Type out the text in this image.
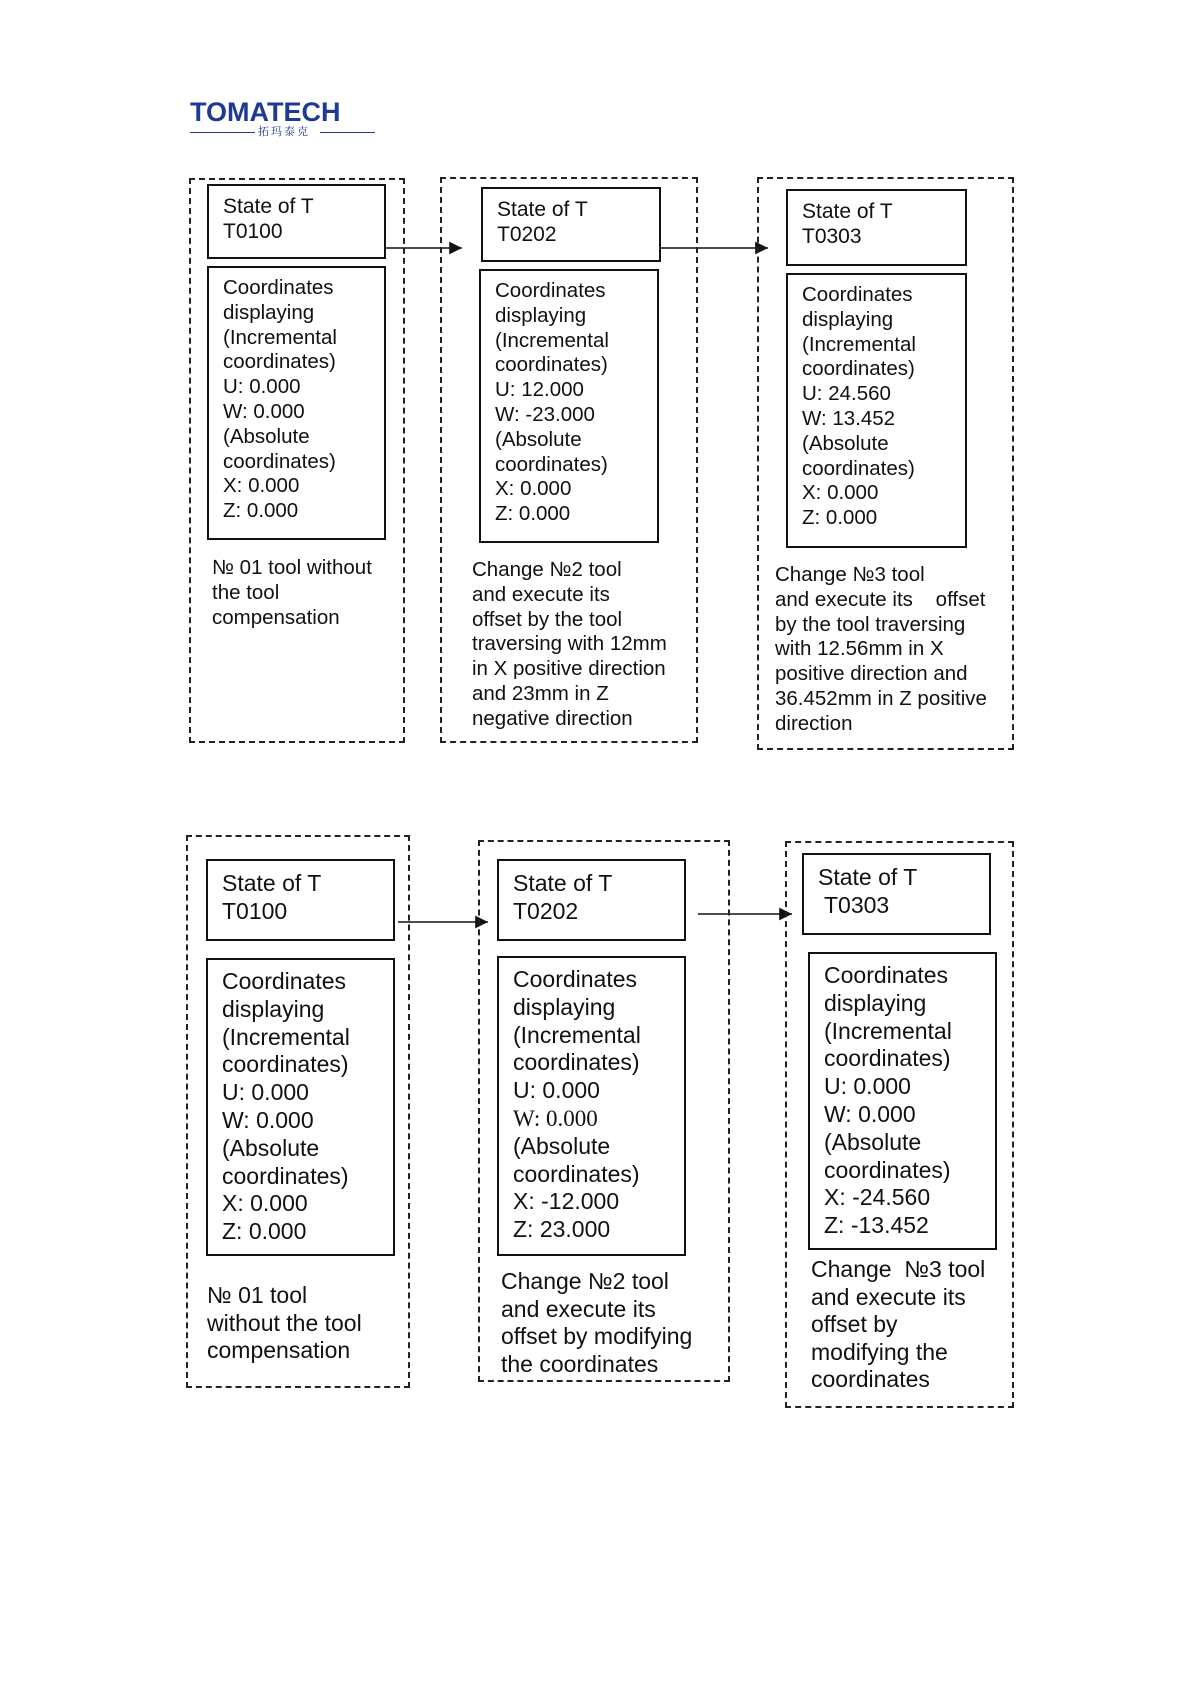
TOMATECH
拓玛泰克
State of T
T0100
Coordinates
displaying
(Incremental
coordinates)
U: 0.000
W: 0.000
(Absolute
coordinates)
X: 0.000
Z: 0.000
№ 01 tool without
the tool
compensation
State of T
T0202
Coordinates
displaying
(Incremental
coordinates)
U: 12.000
W: -23.000
(Absolute
coordinates)
X: 0.000
Z: 0.000
Change №2 tool
and execute its
offset by the tool
traversing with 12mm
in X positive direction
and 23mm in Z
negative direction
State of T
T0303
Coordinates
displaying
(Incremental
coordinates)
U: 24.560
W: 13.452
(Absolute
coordinates)
X: 0.000
Z: 0.000
Change №3 tool
and execute its    offset
by the tool traversing
with 12.56mm in X
positive direction and
36.452mm in Z positive
direction
State of T
T0100
Coordinates
displaying
(Incremental
coordinates)
U: 0.000
W: 0.000
(Absolute
coordinates)
X: 0.000
Z: 0.000
№ 01 tool
without the tool
compensation
State of T
T0202
Coordinates
displaying
(Incremental
coordinates)
U: 0.000
W: 0.000
(Absolute
coordinates)
X: -12.000
Z: 23.000
Change №2 tool
and execute its
offset by modifying
the coordinates
State of T
T0303
Coordinates
displaying
(Incremental
coordinates)
U: 0.000
W: 0.000
(Absolute
coordinates)
X: -24.560
Z: -13.452
Change  №3 tool
and execute its
offset by
modifying the
coordinates
